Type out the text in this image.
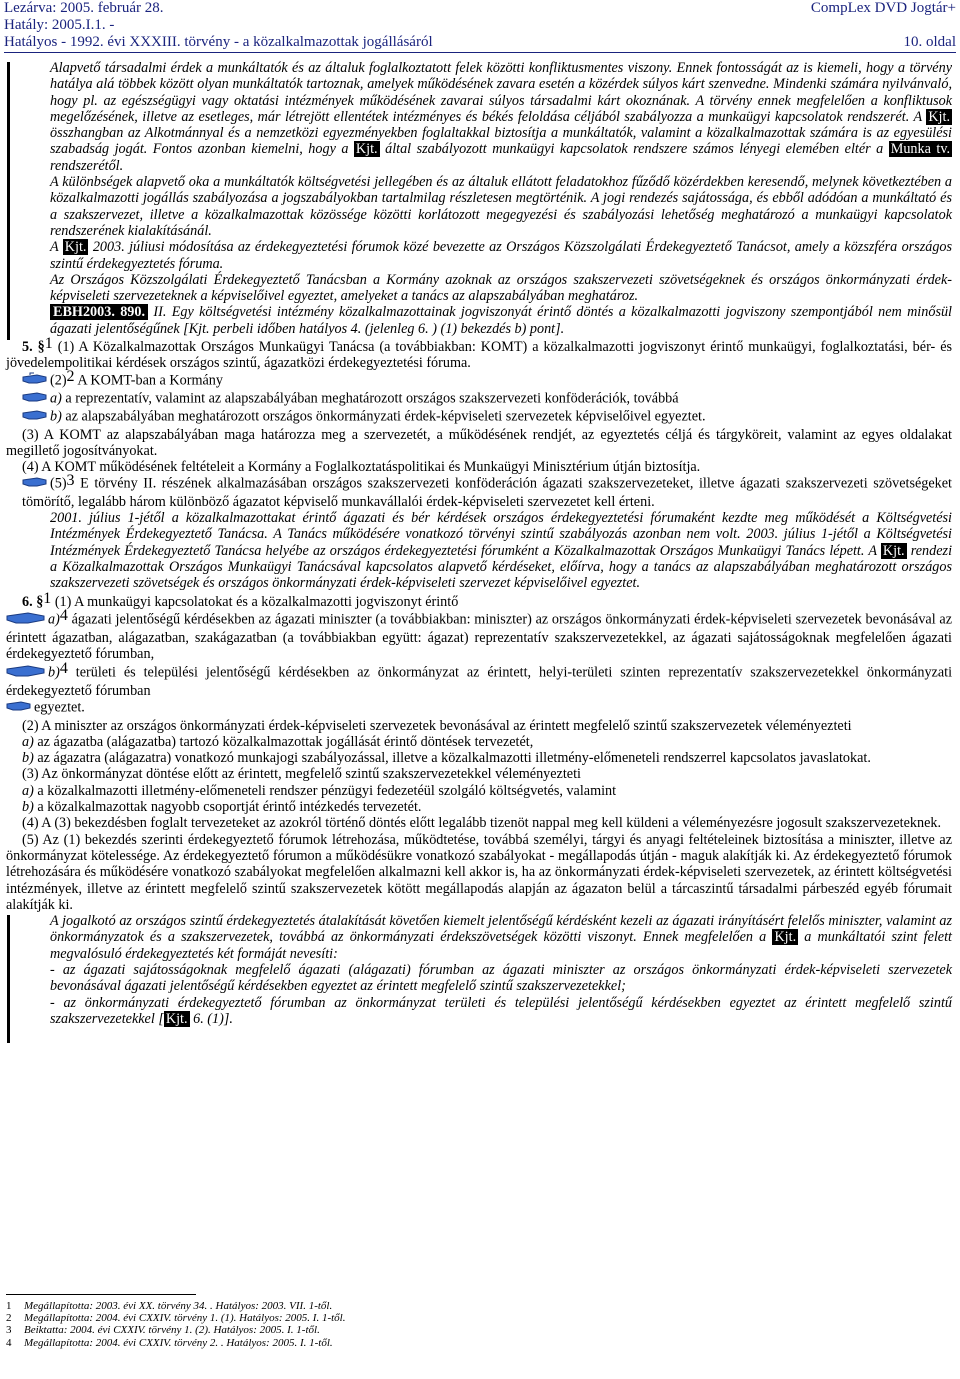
Lezárva: 2005. február 28.
Hatály: 2005.I.1. -
Hatályos - 1992. évi XXXIII. törvény - a közalkalmazottak jogállásáról
CompLex DVD Jogtár+
10. oldal

Alapvető társadalmi érdek a munkáltatók és az általuk foglalkoztatott felek közötti konfliktusmentes viszony. Ennek fontosságát az is kiemeli, hogy a törvény hatálya alá többek között olyan munkáltatók tartoznak, amelyek működésének zavara esetén a közérdek súlyos kárt szenvedne. Mindenki számára nyilvánvaló, hogy pl. az egészségügyi vagy oktatási intézmények működésének zavarai súlyos társadalmi kárt okoznának. A törvény ennek megfelelően a konfliktusok megelőzésének, illetve az esetleges, már létrejött ellentétek intézményes és békés feloldása céljából szabályozza a munkaügyi kapcsolatok rendszerét. A Kjt. összhangban az Alkotmánnyal és a nemzetközi egyezményekben foglaltakkal biztosítja a munkáltatók, valamint a közalkalmazottak számára is az egyesülési szabadság jogát. Fontos azonban kiemelni, hogy a Kjt. által szabályozott munkaügyi kapcsolatok rendszere számos lényegi elemében eltér a Munka tv. rendszerétől.

A különbségek alapvető oka a munkáltatók költségvetési jellegében és az általuk ellátott feladatokhoz fűződő közérdekben keresendő, melynek következtében a közalkalmazotti jogállás szabályozása a jogszabályokban tartalmilag részletesen megtörténik. A jogi rendezés sajátossága, és ebből adódóan a munkáltató és a szakszervezet, illetve a közalkalmazottak közössége közötti korlátozott megegyezési és szabályozási lehetőség meghatározó a munkaügyi kapcsolatok rendszerének kialakításánál.

A Kjt. 2003. júliusi módosítása az érdekegyeztetési fórumok közé bevezette az Országos Közszolgálati Érdekegyeztető Tanácsot, amely a közszféra országos szintű érdekegyeztetés fóruma.

Az Országos Közszolgálati Érdekegyeztető Tanácsban a Kormány azoknak az országos szakszervezeti szövetségeknek és országos önkormányzati érdek-képviseleti szervezeteknek a képviselőivel egyeztet, amelyeket a tanács az alapszabályában meghatároz.

EBH2003. 890. II. Egy költségvetési intézmény közalkalmazottainak jogviszonyát érintő döntés a közalkalmazotti jogviszony szempontjából nem minősül ágazati jelentőségűnek [Kjt. perbeli időben hatályos 4. (jelenleg 6. ) (1) bekezdés b) pont].

5. §1 (1) A Közalkalmazottak Országos Munkaügyi Tanácsa (a továbbiakban: KOMT) a közalkalmazotti jogviszonyt érintő munkaügyi, foglalkoztatási, bér- és jövedelempolitikai kérdések országos szintű, ágazatközi érdekegyeztetési fóruma.

(2)2 A KOMT-ban a Kormány

a) a reprezentatív, valamint az alapszabályában meghatározott országos szakszervezeti konföderációk, továbbá

b) az alapszabályában meghatározott országos önkormányzati érdek-képviseleti szervezetek képviselőivel egyeztet.

(3) A KOMT az alapszabályában maga határozza meg a szervezetét, a működésének rendjét, az egyeztetés céljá és tárgyköreit, valamint az egyes oldalakat megillető jogosítványokat.

(4) A KOMT működésének feltételeit a Kormány a Foglalkoztatáspolitikai és Munkaügyi Minisztérium útján biztosítja.

(5)3 E törvény II. részének alkalmazásában országos szakszervezeti konföderáción ágazati szakszervezeteket, illetve ágazati szakszervezeti szövetségeket tömörítő, legalább három különböző ágazatot képviselő munkavállalói érdek-képviseleti szervezetet kell érteni.

2001. július 1-jétől a közalkalmazottakat érintő ágazati és bér kérdések országos érdekegyeztetési fórumaként kezdte meg működését a Költségvetési Intézmények Érdekegyeztető Tanácsa. A Tanács működésére vonatkozó törvényi szintű szabályozás azonban nem volt. 2003. július 1-jétől a Költségvetési Intézmények Érdekegyeztető Tanácsa helyébe az országos érdekegyeztetési fórumként a Közalkalmazottak Országos Munkaügyi Tanács lépett. A Kjt. rendezi a Közalkalmazottak Országos Munkaügyi Tanácsával kapcsolatos alapvető kérdéseket, előírva, hogy a tanács az alapszabályában meghatározott országos szakszervezeti szövetségek és országos önkormányzati érdek-képviseleti szervezet képviselőivel egyeztet.

6. §1 (1) A munkaügyi kapcsolatokat és a közalkalmazotti jogviszonyt érintő

a)4 ágazati jelentőségű kérdésekben az ágazati miniszter (a továbbiakban: miniszter) az országos önkormányzati érdek-képviseleti szervezetek bevonásával az érintett ágazatban, alágazatban, szakágazatban (a továbbiakban együtt: ágazat) reprezentatív szakszervezetekkel, az ágazati sajátosságoknak megfelelően ágazati érdekegyeztető fórumban,

b)4 területi és települési jelentőségű kérdésekben az önkormányzat az érintett, helyi-területi szinten reprezentatív szakszervezetekkel önkormányzati érdekegyeztető fórumban

egyeztet.

(2) A miniszter az országos önkormányzati érdek-képviseleti szervezetek bevonásával az érintett megfelelő szintű szakszervezetek véleményezteti

a) az ágazatba (alágazatba) tartozó közalkalmazottak jogállását érintő döntések tervezetét,

b) az ágazatra (alágazatra) vonatkozó munkajogi szabályozással, illetve a közalkalmazotti illetmény-előmeneteli rendszerrel kapcsolatos javaslatokat.

(3) Az önkormányzat döntése előtt az érintett, megfelelő szintű szakszervezetekkel véleményezteti

a) a közalkalmazotti illetmény-előmeneteli rendszer pénzügyi fedezetéül szolgáló költségvetés, valamint

b) a közalkalmazottak nagyobb csoportját érintő intézkedés tervezetét.

(4) A (3) bekezdésben foglalt tervezeteket az azokról történő döntés előtt legalább tizenöt nappal meg kell küldeni a véleményezésre jogosult szakszervezeteknek.

(5) Az (1) bekezdés szerinti érdekegyeztető fórumok létrehozása, működtetése, továbbá személyi, tárgyi és anyagi feltételeinek biztosítása a miniszter, illetve az önkormányzat kötelessége. Az érdekegyeztető fórumon a működésükre vonatkozó szabályokat - megállapodás útján - maguk alakítják ki. Az érdekegyeztető fórumok létrehozására és működésére vonatkozó szabályokat megfelelően alkalmazni kell akkor is, ha az önkormányzati érdek-képviseleti szervezetek, az érintett költségvetési intézmények, illetve az érintett megfelelő szintű szakszervezetek kötött megállapodás alapján az ágazaton belül a tárcaszintű társadalmi párbeszéd egyéb fórumait alakítják ki.

A jogalkotó az országos szintű érdekegyeztetés átalakítását követően kiemelt jelentőségű kérdésként kezeli az ágazati irányításért felelős miniszter, valamint az önkormányzatok és a szakszervezetek, továbbá az önkormányzati érdekszövetségek közötti viszonyt. Ennek megfelelően a Kjt. a munkáltatói szint felett megvalósuló érdekegyeztetés két formáját nevesíti:

- az ágazati sajátosságoknak megfelelő ágazati (alágazati) fórumban az ágazati miniszter az országos önkormányzati érdek-képviseleti szervezetek bevonásával ágazati jelentőségű kérdésekben egyeztet az érintett megfelelő szintű szakszervezetekkel;

- az önkormányzati érdekegyeztető fórumban az önkormányzat területi és települési jelentőségű kérdésekben egyeztet az érintett megfelelő szintű szakszervezetekkel [ Kjt. 6. (1)].

1 Megállapította: 2003. évi XX. törvény 34. . Hatályos: 2003. VII. 1-től.

2 Megállapította: 2004. évi CXXIV. törvény 1. (1). Hatályos: 2005. I. 1-től.

3 Beiktatta: 2004. évi CXXIV. törvény 1. (2). Hatályos: 2005. I. 1-től.

4 Megállapította: 2004. évi CXXIV. törvény 2. . Hatályos: 2005. I. 1-től.
